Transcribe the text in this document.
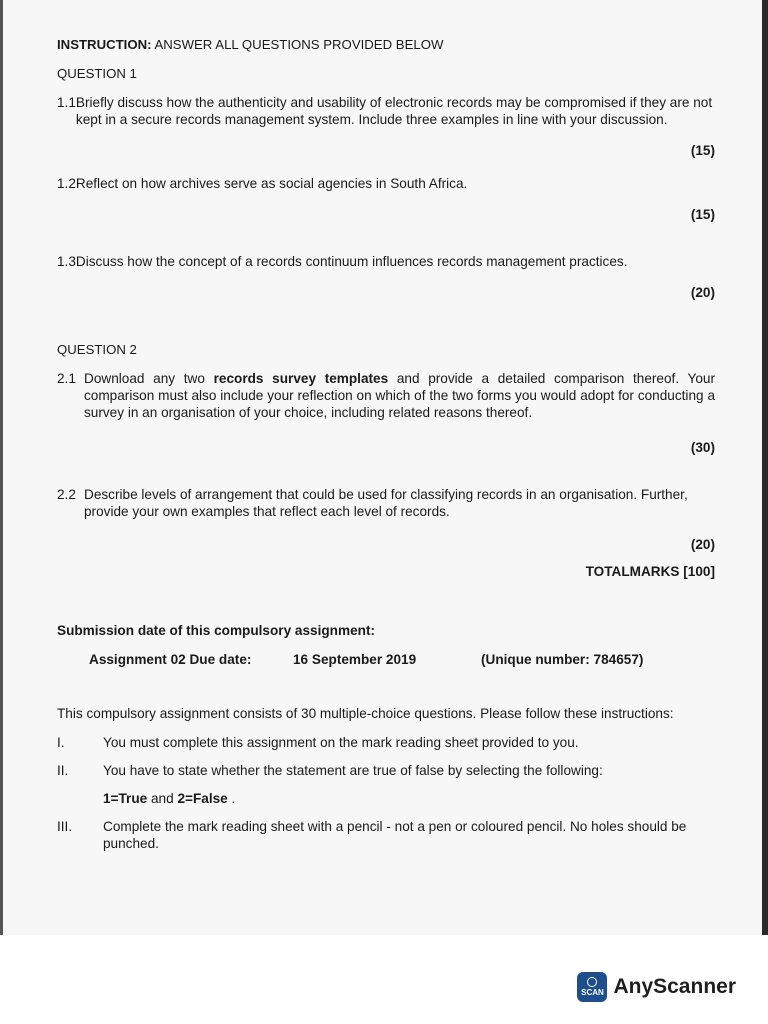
INSTRUCTION: ANSWER ALL QUESTIONS PROVIDED BELOW

QUESTION 1

1.1 Briefly discuss how the authenticity and usability of electronic records may be compromised if they are not kept in a secure records management system. Include three examples in line with your discussion.
(15)
1.2 Reflect on how archives serve as social agencies in South Africa.
(15)
1.3 Discuss how the concept of a records continuum influences records management practices.
(20)

QUESTION 2

2.1 Download any two records survey templates and provide a detailed comparison thereof. Your comparison must also include your reflection on which of the two forms you would adopt for conducting a survey in an organisation of your choice, including related reasons thereof.
(30)
2.2 Describe levels of arrangement that could be used for classifying records in an organisation. Further, provide your own examples that reflect each level of records.
(20)
TOTALMARKS [100]
Submission date of this compulsory assignment:
Assignment 02 Due date:	16 September 2019	(Unique number: 784657)
This compulsory assignment consists of 30 multiple-choice questions. Please follow these instructions:
I.	You must complete this assignment on the mark reading sheet provided to you.
II.	You have to state whether the statement are true of false by selecting the following:
1=True and 2=False .
III.	Complete the mark reading sheet with a pencil - not a pen or coloured pencil. No holes should be punched.
SCAN AnyScanner
